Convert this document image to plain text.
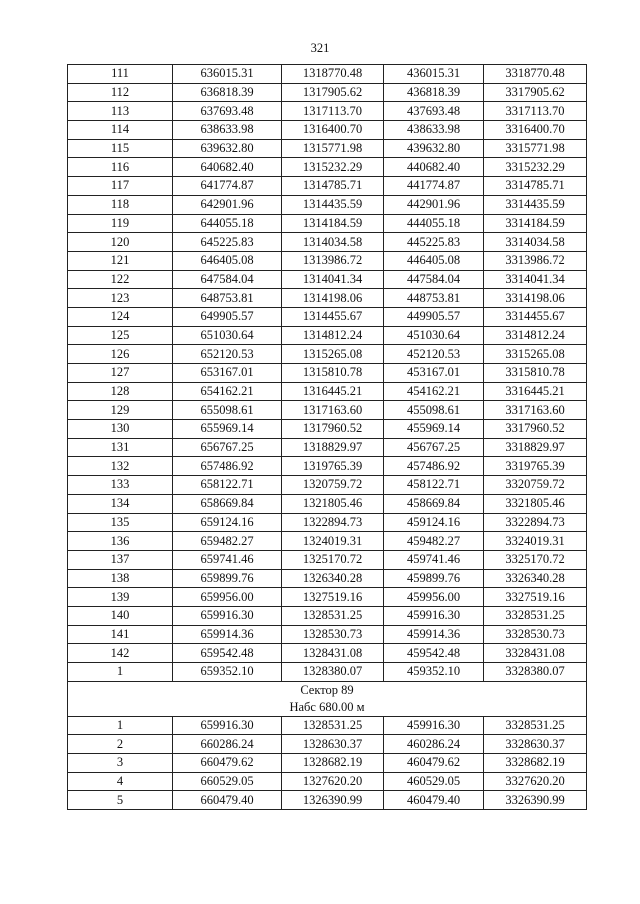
321
111	636015.31	1318770.48	436015.31	3318770.48
112	636818.39	1317905.62	436818.39	3317905.62
113	637693.48	1317113.70	437693.48	3317113.70
114	638633.98	1316400.70	438633.98	3316400.70
115	639632.80	1315771.98	439632.80	3315771.98
116	640682.40	1315232.29	440682.40	3315232.29
117	641774.87	1314785.71	441774.87	3314785.71
118	642901.96	1314435.59	442901.96	3314435.59
119	644055.18	1314184.59	444055.18	3314184.59
120	645225.83	1314034.58	445225.83	3314034.58
121	646405.08	1313986.72	446405.08	3313986.72
122	647584.04	1314041.34	447584.04	3314041.34
123	648753.81	1314198.06	448753.81	3314198.06
124	649905.57	1314455.67	449905.57	3314455.67
125	651030.64	1314812.24	451030.64	3314812.24
126	652120.53	1315265.08	452120.53	3315265.08
127	653167.01	1315810.78	453167.01	3315810.78
128	654162.21	1316445.21	454162.21	3316445.21
129	655098.61	1317163.60	455098.61	3317163.60
130	655969.14	1317960.52	455969.14	3317960.52
131	656767.25	1318829.97	456767.25	3318829.97
132	657486.92	1319765.39	457486.92	3319765.39
133	658122.71	1320759.72	458122.71	3320759.72
134	658669.84	1321805.46	458669.84	3321805.46
135	659124.16	1322894.73	459124.16	3322894.73
136	659482.27	1324019.31	459482.27	3324019.31
137	659741.46	1325170.72	459741.46	3325170.72
138	659899.76	1326340.28	459899.76	3326340.28
139	659956.00	1327519.16	459956.00	3327519.16
140	659916.30	1328531.25	459916.30	3328531.25
141	659914.36	1328530.73	459914.36	3328530.73
142	659542.48	1328431.08	459542.48	3328431.08
1	659352.10	1328380.07	459352.10	3328380.07

Сектор 89
Набс 680.00 м				

1	659916.30	1328531.25	459916.30	3328531.25
2	660286.24	1328630.37	460286.24	3328630.37
3	660479.62	1328682.19	460479.62	3328682.19
4	660529.05	1327620.20	460529.05	3327620.20
5	660479.40	1326390.99	460479.40	3326390.99
